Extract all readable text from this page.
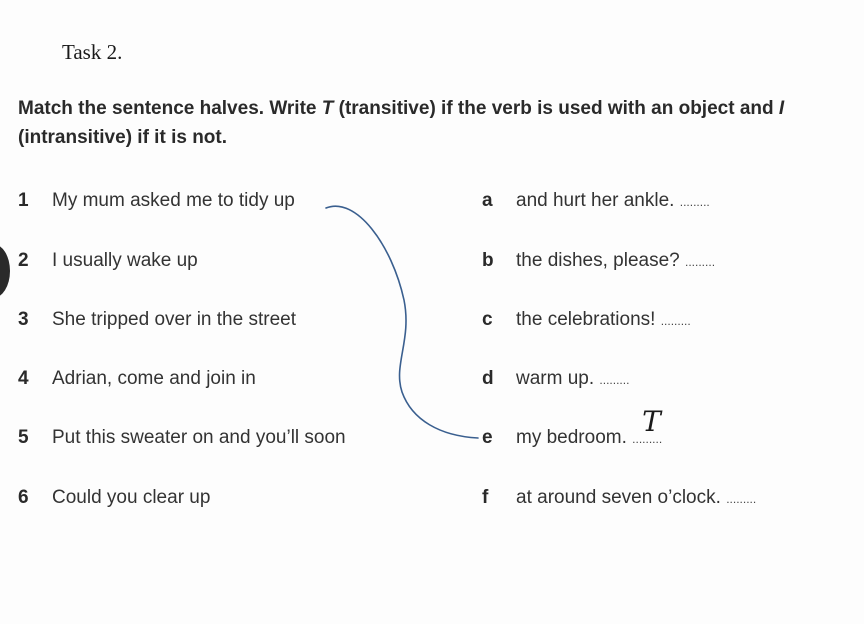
Task 2.
Match the sentence halves. Write T (transitive) if the verb is used with an object and I (intransitive) if it is not.
1 My mum asked me to tidy up
2 I usually wake up
3 She tripped over in the street
4 Adrian, come and join in
5 Put this sweater on and you’ll soon
6 Could you clear up
a and hurt her ankle. .........
b the dishes, please? .........
c the celebrations! .........
d warm up. .........
e my bedroom. .........
T
f at around seven o’clock. .........
